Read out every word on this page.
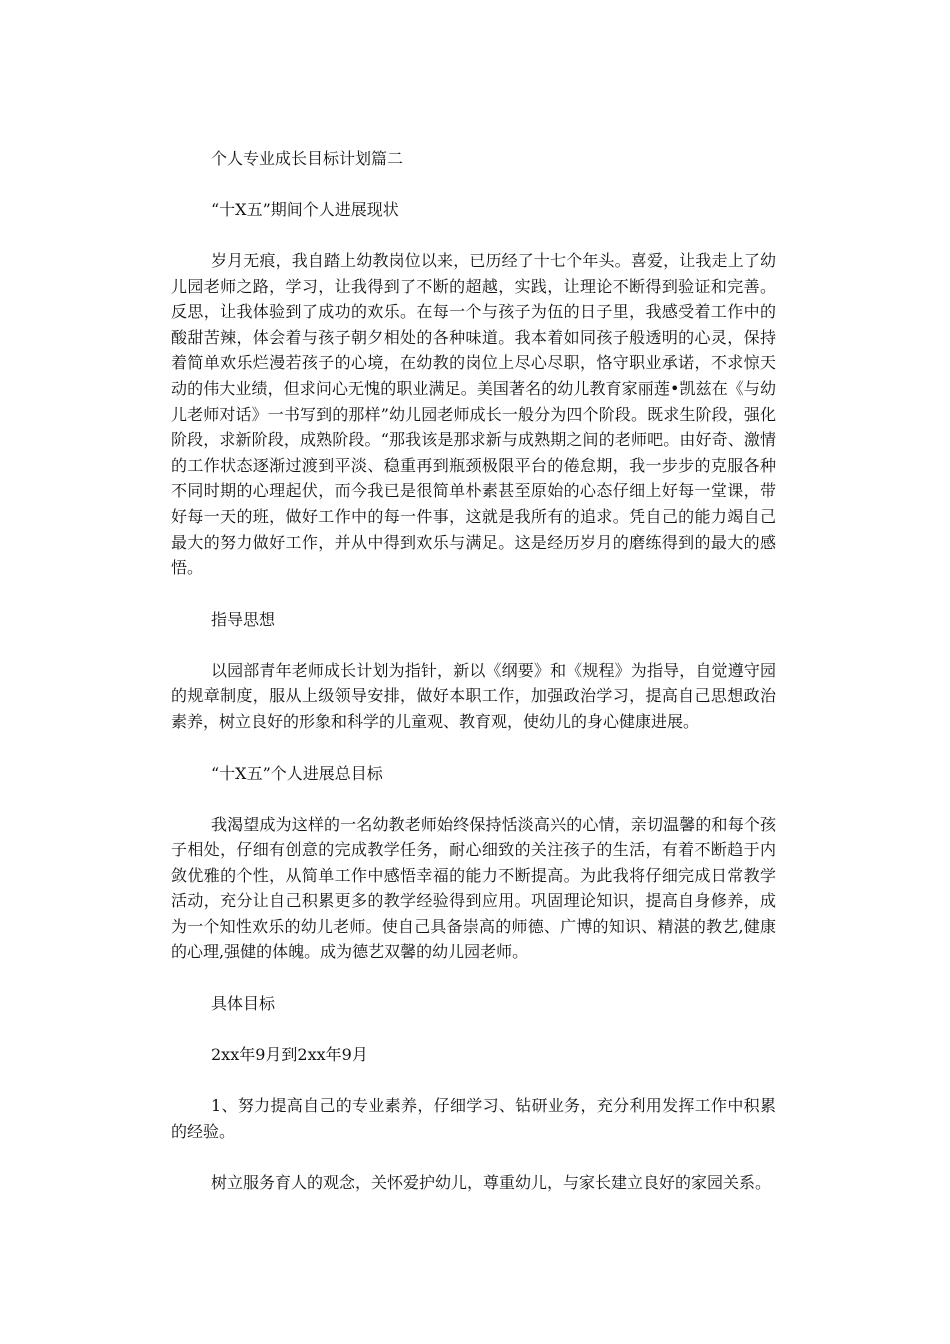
个人专业成长目标计划篇二

“十X五”期间个人进展现状

岁月无痕，我自踏上幼教岗位以来，已历经了十七个年头。喜爱，让我走上了幼儿园老师之路，学习，让我得到了不断的超越，实践，让理论不断得到验证和完善。反思，让我体验到了成功的欢乐。在每一个与孩子为伍的日子里，我感受着工作中的酸甜苦辣，体会着与孩子朝夕相处的各种味道。我本着如同孩子般透明的心灵，保持着简单欢乐烂漫若孩子的心境，在幼教的岗位上尽心尽职，恪守职业承诺，不求惊天动的伟大业绩，但求问心无愧的职业满足。美国著名的幼儿教育家丽莲•凯兹在《与幼儿老师对话》一书写到的那样”幼儿园老师成长一般分为四个阶段。既求生阶段，强化阶段，求新阶段，成熟阶段。“那我该是那求新与成熟期之间的老师吧。由好奇、激情的工作状态逐渐过渡到平淡、稳重再到瓶颈极限平台的倦怠期，我一步步的克服各种不同时期的心理起伏，而今我已是很简单朴素甚至原始的心态仔细上好每一堂课，带好每一天的班，做好工作中的每一件事，这就是我所有的追求。凭自己的能力竭自己最大的努力做好工作，并从中得到欢乐与满足。这是经历岁月的磨练得到的最大的感悟。

指导思想

以园部青年老师成长计划为指针，新以《纲要》和《规程》为指导，自觉遵守园的规章制度，服从上级领导安排，做好本职工作，加强政治学习，提高自己思想政治素养，树立良好的形象和科学的儿童观、教育观，使幼儿的身心健康进展。

“十X五”个人进展总目标

我渴望成为这样的一名幼教老师始终保持恬淡高兴的心情，亲切温馨的和每个孩子相处，仔细有创意的完成教学任务，耐心细致的关注孩子的生活，有着不断趋于内敛优雅的个性，从简单工作中感悟幸福的能力不断提高。为此我将仔细完成日常教学活动，充分让自己积累更多的教学经验得到应用。巩固理论知识，提高自身修养，成为一个知性欢乐的幼儿老师。使自己具备崇高的师德、广博的知识、精湛的教艺,健康的心理,强健的体魄。成为德艺双馨的幼儿园老师。

具体目标

2xx年9月到2xx年9月

1、努力提高自己的专业素养，仔细学习、钻研业务，充分利用发挥工作中积累的经验。

树立服务育人的观念，关怀爱护幼儿，尊重幼儿，与家长建立良好的家园关系。
